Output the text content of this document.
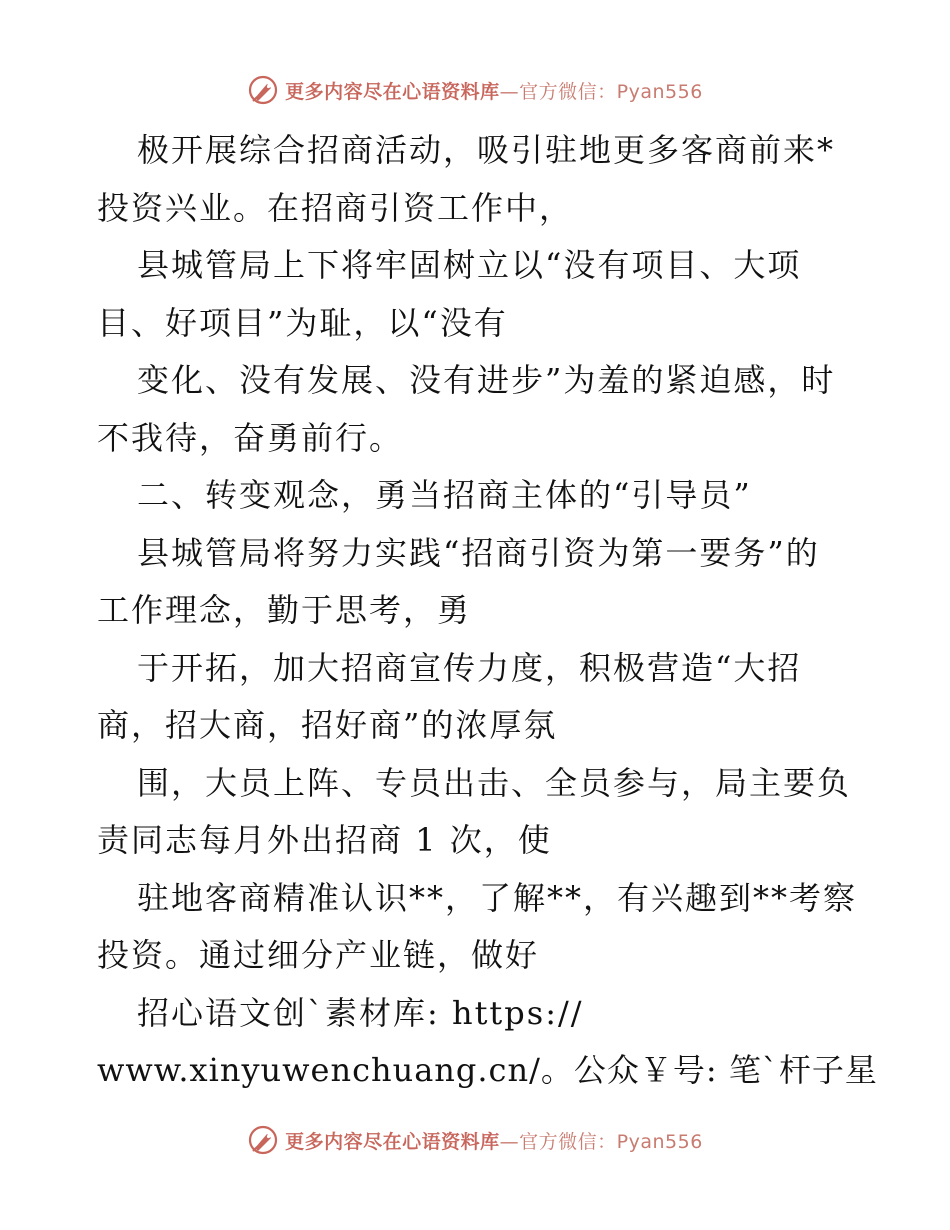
更多内容尽在心语资料库—官方微信：Pyan556
极开展综合招商活动，吸引驻地更多客商前来*
投资兴业。在招商引资工作中，
县城管局上下将牢固树立以“没有项目、大项
目、好项目”为耻，以“没有
变化、没有发展、没有进步”为羞的紧迫感，时
不我待，奋勇前行。
二、转变观念，勇当招商主体的“引导员”
县城管局将努力实践“招商引资为第一要务”的
工作理念，勤于思考，勇
于开拓，加大招商宣传力度，积极营造“大招
商，招大商，招好商”的浓厚氛
围，大员上阵、专员出击、全员参与，局主要负
责同志每月外出招商 1 次，使
驻地客商精准认识**，了解**，有兴趣到**考察
投资。通过细分产业链，做好
招心语文创`素材库: https://
www.xinyuwenchuang.cn/。公众￥号: 笔`杆子星
更多内容尽在心语资料库—官方微信：Pyan556
